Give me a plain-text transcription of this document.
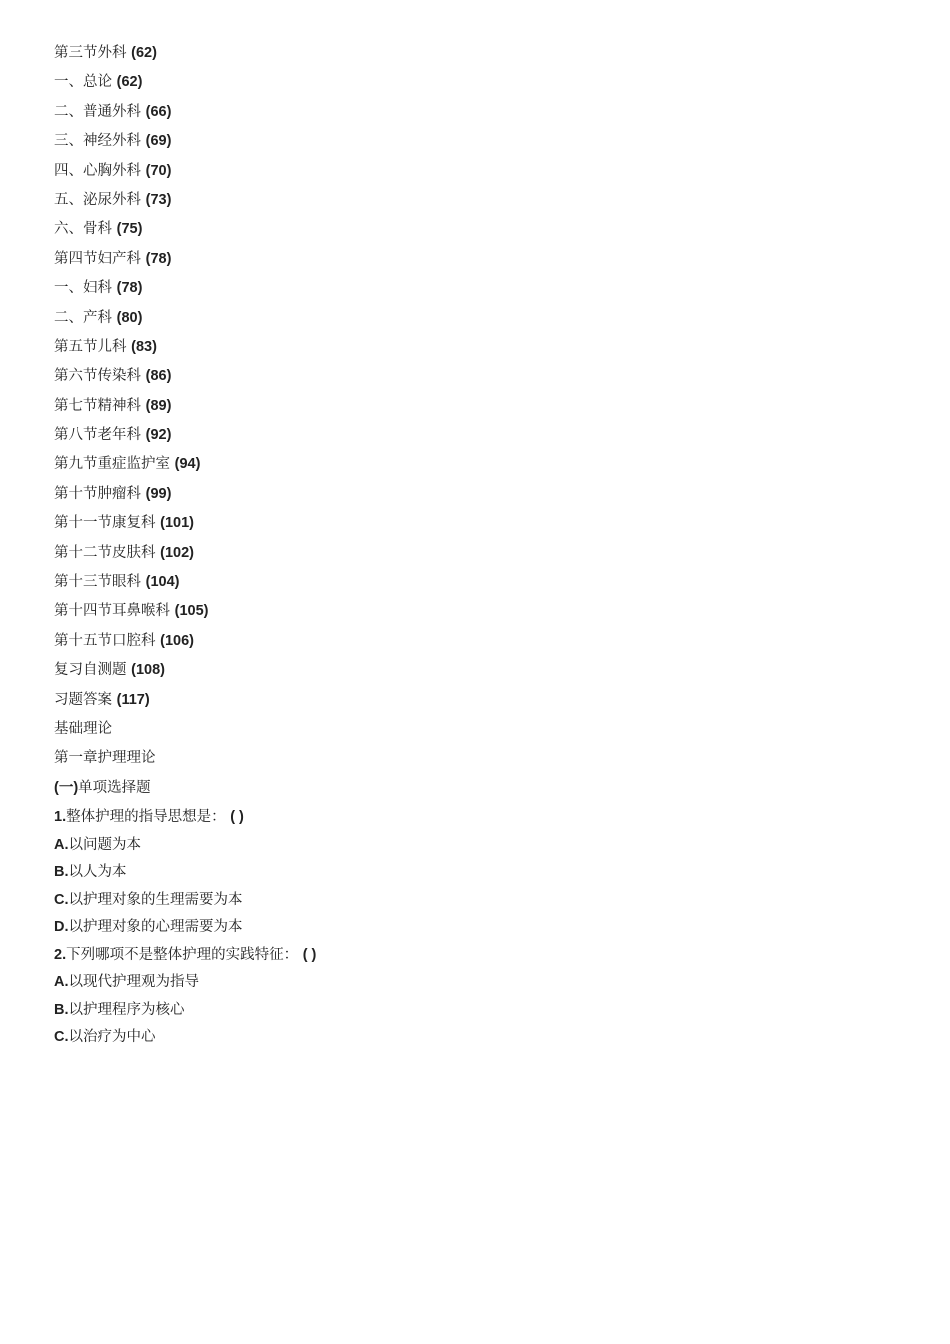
第三节外科 (62)
一、总论 (62)
二、普通外科 (66)
三、神经外科 (69)
四、心胸外科 (70)
五、泌尿外科 (73)
六、骨科 (75)
第四节妇产科 (78)
一、妇科 (78)
二、产科 (80)
第五节儿科 (83)
第六节传染科 (86)
第七节精神科 (89)
第八节老年科 (92)
第九节重症监护室 (94)
第十节肿瘤科 (99)
第十一节康复科 (101)
第十二节皮肤科 (102)
第十三节眼科 (104)
第十四节耳鼻喉科 (105)
第十五节口腔科 (106)
复习自测题 (108)
习题答案 (117)
基础理论
第一章护理理论
(一)单项选择题
1.整体护理的指导思想是： ( )
A.以问题为本
B.以人为本
C.以护理对象的生理需要为本
D.以护理对象的心理需要为本
2.下列哪项不是整体护理的实践特征： ( )
A.以现代护理观为指导
B.以护理程序为核心
C.以治疗为中心
